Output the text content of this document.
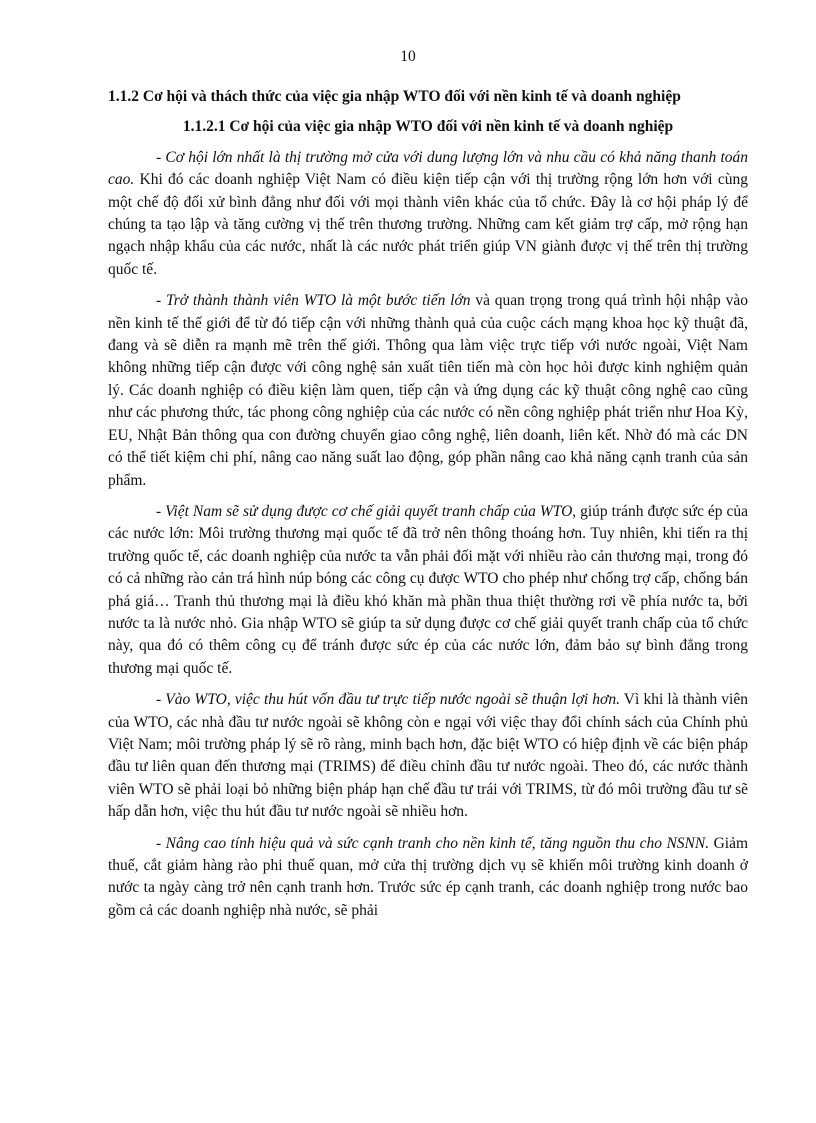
10

1.1.2 Cơ hội và thách thức của việc gia nhập WTO đối với nền kinh tế và doanh nghiệp

1.1.2.1 Cơ hội của việc gia nhập WTO đối với nền kinh tế và doanh nghiệp

- Cơ hội lớn nhất là thị trường mở cửa với dung lượng lớn và nhu cầu có khả năng thanh toán cao. Khi đó các doanh nghiệp Việt Nam có điều kiện tiếp cận với thị trường rộng lớn hơn với cùng một chế độ đối xử bình đẳng như đối với mọi thành viên khác của tổ chức. Đây là cơ hội pháp lý để chúng ta tạo lập và tăng cường vị thế trên thương trường. Những cam kết giảm trợ cấp, mở rộng hạn ngạch nhập khẩu của các nước, nhất là các nước phát triển giúp VN giành được vị thế trên thị trường quốc tế.

- Trở thành thành viên WTO là một bước tiến lớn và quan trọng trong quá trình hội nhập vào nền kinh tế thế giới để từ đó tiếp cận với những thành quả của cuộc cách mạng khoa học kỹ thuật đã, đang và sẽ diễn ra mạnh mẽ trên thế giới. Thông qua làm việc trực tiếp với nước ngoài, Việt Nam không những tiếp cận được với công nghệ sản xuất tiên tiến mà còn học hỏi được kinh nghiệm quản lý. Các doanh nghiệp có điều kiện làm quen, tiếp cận và ứng dụng các kỹ thuật công nghệ cao cũng như các phương thức, tác phong công nghiệp của các nước có nền công nghiệp phát triển như Hoa Kỳ, EU, Nhật Bản thông qua con đường chuyển giao công nghệ, liên doanh, liên kết. Nhờ đó mà các DN có thể tiết kiệm chi phí, nâng cao năng suất lao động, góp phần nâng cao khả năng cạnh tranh của sản phẩm.

- Việt Nam sẽ sử dụng được cơ chế giải quyết tranh chấp của WTO, giúp tránh được sức ép của các nước lớn: Môi trường thương mại quốc tế đã trở nên thông thoáng hơn. Tuy nhiên, khi tiến ra thị trường quốc tế, các doanh nghiệp của nước ta vẫn phải đối mặt với nhiều rào cản thương mại, trong đó có cả những rào cản trá hình núp bóng các công cụ được WTO cho phép như chống trợ cấp, chống bán phá giá… Tranh thủ thương mại là điều khó khăn mà phần thua thiệt thường rơi về phía nước ta, bởi nước ta là nước nhỏ. Gia nhập WTO sẽ giúp ta sử dụng được cơ chế giải quyết tranh chấp của tổ chức này, qua đó có thêm công cụ để tránh được sức ép của các nước lớn, đảm bảo sự bình đẳng trong thương mại quốc tế.

- Vào WTO, việc thu hút vốn đầu tư trực tiếp nước ngoài sẽ thuận lợi hơn. Vì khi là thành viên của WTO, các nhà đầu tư nước ngoài sẽ không còn e ngại với việc thay đổi chính sách của Chính phủ Việt Nam; môi trường pháp lý sẽ rõ ràng, minh bạch hơn, đặc biệt WTO có hiệp định về các biện pháp đầu tư liên quan đến thương mại (TRIMS) để điều chỉnh đầu tư nước ngoài. Theo đó, các nước thành viên WTO sẽ phải loại bỏ những biện pháp hạn chế đầu tư trái với TRIMS, từ đó môi trường đầu tư sẽ hấp dẫn hơn, việc thu hút đầu tư nước ngoài sẽ nhiều hơn.

- Nâng cao tính hiệu quả và sức cạnh tranh cho nền kinh tế, tăng nguồn thu cho NSNN. Giảm thuế, cắt giảm hàng rào phi thuế quan, mở cửa thị trường dịch vụ sẽ khiến môi trường kinh doanh ở nước ta ngày càng trở nên cạnh tranh hơn. Trước sức ép cạnh tranh, các doanh nghiệp trong nước bao gồm cả các doanh nghiệp nhà nước, sẽ phải
